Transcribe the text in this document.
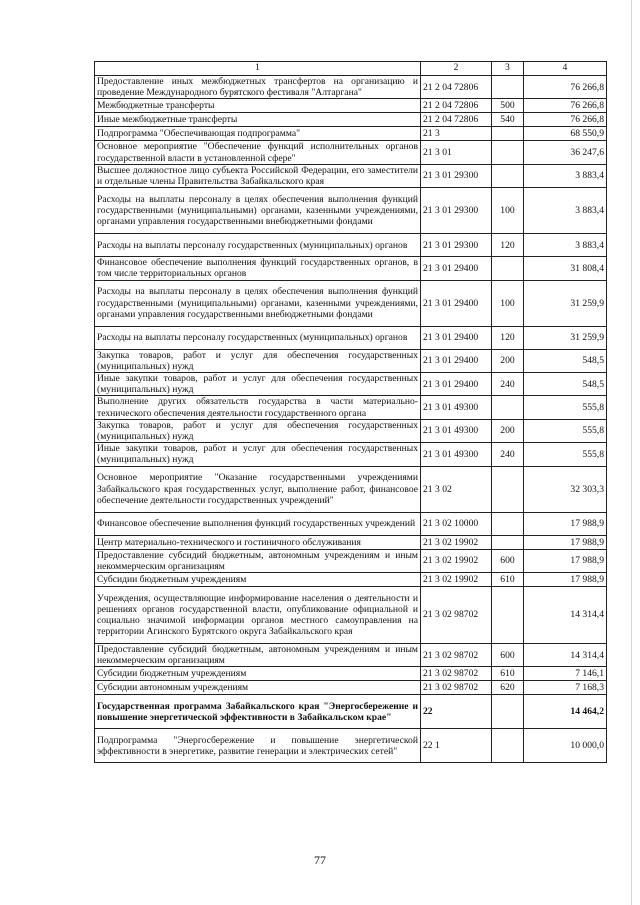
1	2	3	4
Предоставление иных межбюджетных трансфертов на организацию и проведение Международного бурятского фестиваля "Алтаргана"	21 2 04 72806		76 266,8
Межбюджетные трансферты	21 2 04 72806	500	76 266,8
Иные межбюджетные трансферты	21 2 04 72806	540	76 266,8
Подпрограмма "Обеспечивающая подпрограмма"	21 3		68 550,9
Основное мероприятие "Обеспечение функций исполнительных органов государственной власти в установленной сфере"	21 3 01		36 247,6
Высшее должностное лицо субъекта Российской Федерации, его заместители и отдельные члены Правительства Забайкальского края	21 3 01 29300		3 883,4
Расходы на выплаты персоналу в целях обеспечения выполнения функций государственными (муниципальными) органами, казенными учреждениями, органами управления государственными внебюджетными фондами	21 3 01 29300	100	3 883,4
Расходы на выплаты персоналу государственных (муниципальных) органов	21 3 01 29300	120	3 883,4
Финансовое обеспечение выполнения функций государственных органов, в том числе территориальных органов	21 3 01 29400		31 808,4
Расходы на выплаты персоналу в целях обеспечения выполнения функций государственными (муниципальными) органами, казенными учреждениями, органами управления государственными внебюджетными фондами	21 3 01 29400	100	31 259,9
Расходы на выплаты персоналу государственных (муниципальных) органов	21 3 01 29400	120	31 259,9
Закупка товаров, работ и услуг для обеспечения государственных (муниципальных) нужд	21 3 01 29400	200	548,5
Иные закупки товаров, работ и услуг для обеспечения государственных (муниципальных) нужд	21 3 01 29400	240	548,5
Выполнение других обязательств государства в части материально-технического обеспечения деятельности государственного органа	21 3 01 49300		555,8
Закупка товаров, работ и услуг для обеспечения государственных (муниципальных) нужд	21 3 01 49300	200	555,8
Иные закупки товаров, работ и услуг для обеспечения государственных (муниципальных) нужд	21 3 01 49300	240	555,8
Основное мероприятие "Оказание государственными учреждениями Забайкальского края государственных услуг, выполнение работ, финансовое обеспечение деятельности государственных учреждений"	21 3 02		32 303,3
Финансовое обеспечение выполнения функций государственных учреждений	21 3 02 10000		17 988,9
Центр материально-технического и гостиничного обслуживания	21 3 02 19902		17 988,9
Предоставление субсидий бюджетным, автономным учреждениям и иным некоммерческим организациям	21 3 02 19902	600	17 988,9
Субсидии бюджетным учреждениям	21 3 02 19902	610	17 988,9
Учреждения, осуществляющие информирование населения о деятельности и решениях органов государственной власти, опубликование официальной и социально значимой информации органов местного самоуправления на территории Агинского Бурятского округа Забайкальского края	21 3 02 98702		14 314,4
Предоставление субсидий бюджетным, автономным учреждениям и иным некоммерческим организациям	21 3 02 98702	600	14 314,4
Субсидии бюджетным учреждениям	21 3 02 98702	610	7 146,1
Субсидии автономным учреждениям	21 3 02 98702	620	7 168,3
Государственная программа Забайкальского края "Энергосбережение и повышение энергетической эффективности в Забайкальском крае"	22		14 464,2
Подпрограмма "Энергосбережение и повышение энергетической эффективности в энергетике, развитие генерации и электрических сетей"	22 1		10 000,0
77
